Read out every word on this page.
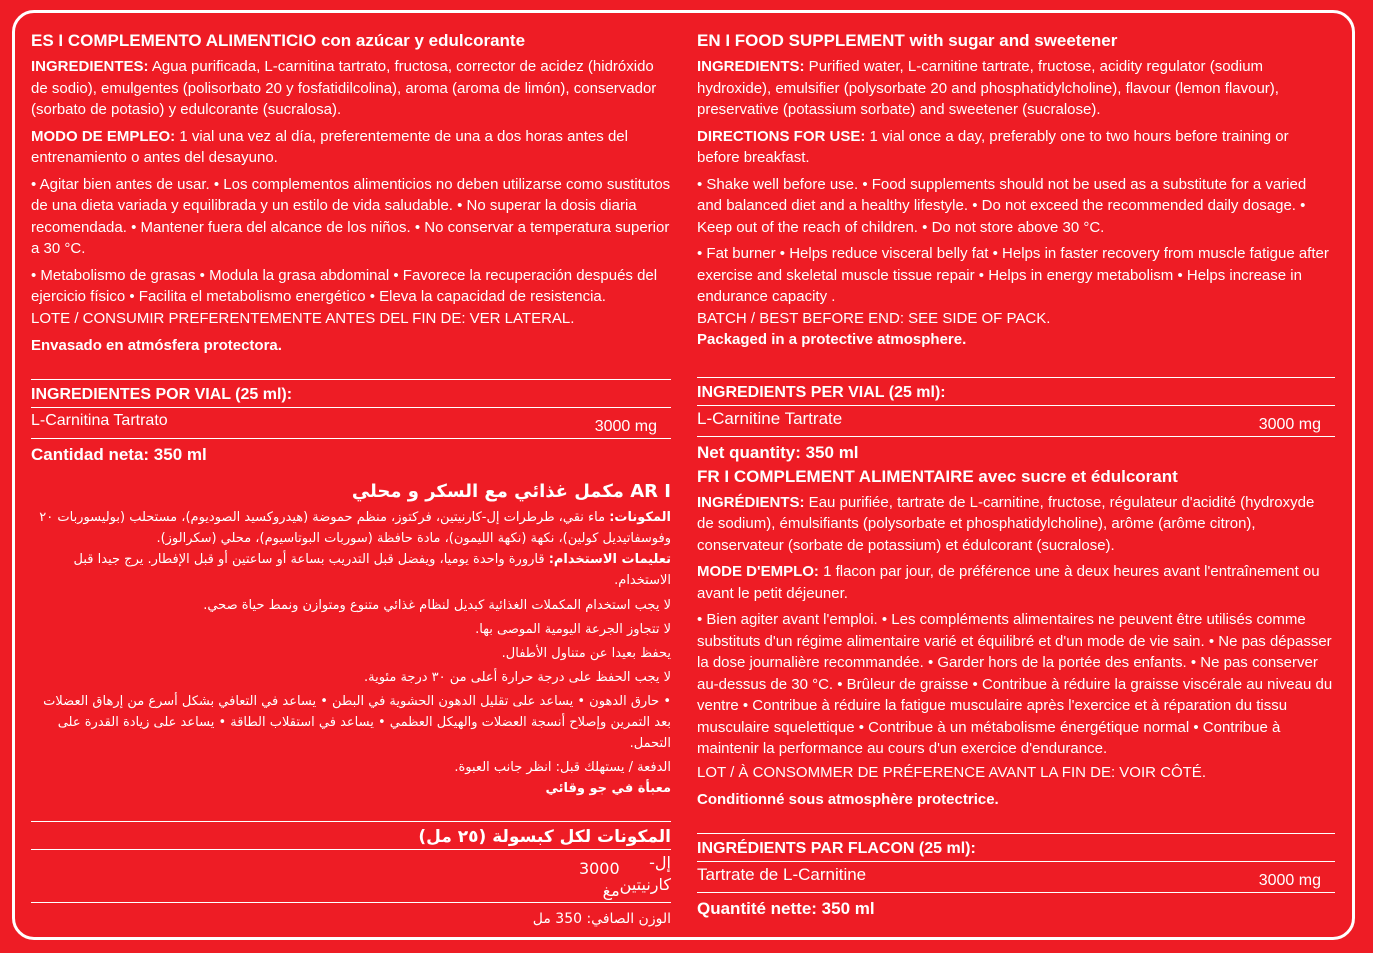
ES I COMPLEMENTO ALIMENTICIO con azúcar y edulcorante

INGREDIENTES: Agua purificada, L-carnitina tartrato, fructosa, corrector de acidez (hidróxido de sodio), emulgentes (polisorbato 20 y fosfatidilcolina), aroma (aroma de limón), conservador (sorbato de potasio) y edulcorante (sucralosa).

MODO DE EMPLEO: 1 vial una vez al día, preferentemente de una a dos horas antes del entrenamiento o antes del desayuno.

• Agitar bien antes de usar. • Los complementos alimenticios no deben utilizarse como sustitutos de una dieta variada y equilibrada y un estilo de vida saludable. • No superar la dosis diaria recomendada. • Mantener fuera del alcance de los niños. • No conservar a temperatura superior a 30 °C.

• Metabolismo de grasas • Modula la grasa abdominal • Favorece la recuperación después del ejercicio físico • Facilita el metabolismo energético • Eleva la capacidad de resistencia.

LOTE / CONSUMIR PREFERENTEMENTE ANTES DEL FIN DE: VER LATERAL.

Envasado en atmósfera protectora.

INGREDIENTES POR VIAL (25 ml):
L-Carnitina Tartrato	3000 mg
Cantidad neta: 350 ml
AR I مكمل غذائي مع السكر و محلي

المكونات: ماء نقي، طرطرات إل-كارنيتين، فركتوز، منظم حموضة (هيدروكسيد الصوديوم)، مستحلب (بوليسوربات ٢٠ وفوسفاتيديل كولين)، نكهة (نكهة الليمون)، مادة حافظة (سوربات البوتاسيوم)، محلي (سكرالوز).

تعليمات الاستخدام: قارورة واحدة يوميا، ويفضل قبل التدريب بساعة أو ساعتين أو قبل الإفطار. يرج جيدا قبل الاستخدام.

لا يجب استخدام المكملات الغذائية كبديل لنظام غذائي متنوع ومتوازن ونمط حياة صحي.

لا تتجاوز الجرعة اليومية الموصى بها.

يحفظ بعيدا عن متناول الأطفال.

لا يجب الحفظ على درجة حرارة أعلى من ٣٠ درجة مئوية.

• حارق الدهون • يساعد على تقليل الدهون الحشوية في البطن • يساعد في التعافي بشكل أسرع من إرهاق العضلات بعد التمرين وإصلاح أنسجة العضلات والهيكل العظمي • يساعد في استقلاب الطاقة • يساعد على زيادة القدرة على التحمل.

الدفعة / يستهلك قبل: انظر جانب العبوة.

معبأة في جو وقائي

المكونات لكل كبسولة (٢٥ مل)
إل-كارنيتين
3000 مغ
الوزن الصافي: 350 مل
EN I FOOD SUPPLEMENT with sugar and sweetener

INGREDIENTS: Purified water, L-carnitine tartrate, fructose, acidity regulator (sodium hydroxide), emulsifier (polysorbate 20 and phosphatidylcholine), flavour (lemon flavour), preservative (potassium sorbate) and sweetener (sucralose).

DIRECTIONS FOR USE: 1 vial once a day, preferably one to two hours before training or before breakfast.

• Shake well before use. • Food supplements should not be used as a substitute for a varied and balanced diet and a healthy lifestyle. • Do not exceed the recommended daily dosage. • Keep out of the reach of children. • Do not store above 30 °C.

• Fat burner • Helps reduce visceral belly fat • Helps in faster recovery from muscle fatigue after exercise and skeletal muscle tissue repair • Helps in energy metabolism • Helps increase in endurance capacity .

BATCH / BEST BEFORE END: SEE SIDE OF PACK.

Packaged in a protective atmosphere.

INGREDIENTS PER VIAL (25 ml):
L-Carnitine Tartrate	3000 mg
Net quantity: 350 ml
FR I COMPLEMENT ALIMENTAIRE avec sucre et édulcorant

INGRÉDIENTS: Eau purifiée, tartrate de L-carnitine, fructose, régulateur d'acidité (hydroxyde de sodium), émulsifiants (polysorbate et phosphatidylcholine), arôme (arôme citron), conservateur (sorbate de potassium) et édulcorant (sucralose).

MODE D'EMPLO: 1 flacon par jour, de préférence une à deux heures avant l'entraînement ou avant le petit déjeuner.

• Bien agiter avant l'emploi. • Les compléments alimentaires ne peuvent être utilisés comme substituts d'un régime alimentaire varié et équilibré et d'un mode de vie sain. • Ne pas dépasser la dose journalière recommandée. • Garder hors de la portée des enfants. • Ne pas conserver au-dessus de 30 °C. • Brûleur de graisse • Contribue à réduire la graisse viscérale au niveau du ventre • Contribue à réduire la fatigue musculaire après l'exercice et à réparation du tissu musculaire squelettique • Contribue à un métabolisme énergétique normal • Contribue à maintenir la performance au cours d'un exercice d'endurance.

LOT / À CONSOMMER DE PRÉFERENCE AVANT LA FIN DE: VOIR CÔTÉ.

Conditionné sous atmosphère protectrice.

INGRÉDIENTS PAR FLACON (25 ml):
Tartrate de L-Carnitine	3000 mg
Quantité nette: 350 ml
